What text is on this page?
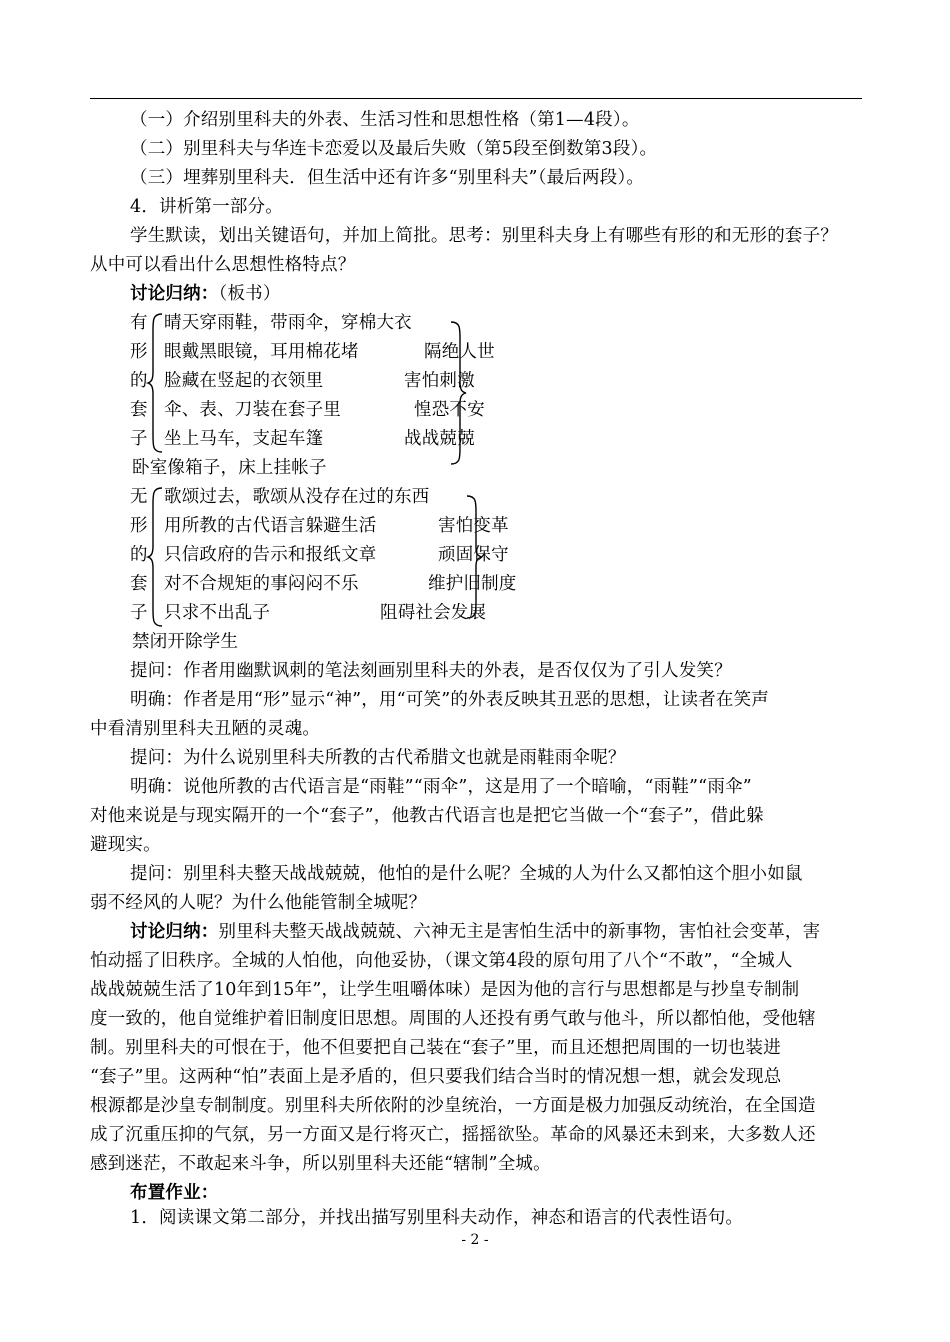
（一）介绍别里科夫的外表、生活习性和思想性格（第1—4段）。
（二）别里科夫与华连卡恋爱以及最后失败（第5段至倒数第3段）。
（三）埋葬别里科夫．但生活中还有许多“别里科夫”（最后两段）。
4．讲析第一部分。
学生默读，划出关键语句，并加上简批。思考：别里科夫身上有哪些有形的和无形的套子？
从中可以看出什么思想性格特点？
讨论归纳：（板书）
有
形
的
套
子
晴天穿雨鞋，带雨伞，穿棉大衣
眼戴黑眼镜，耳用棉花堵
脸藏在竖起的衣领里
伞、表、刀装在套子里
坐上马车，支起车篷
卧室像箱子，床上挂帐子
隔绝人世
害怕刺激
惶恐不安
战战兢兢
无
形
的
套
子
歌颂过去，歌颂从没存在过的东西
用所教的古代语言躲避生活
只信政府的告示和报纸文章
对不合规矩的事闷闷不乐
只求不出乱子
禁闭开除学生
害怕变革
顽固保守
维护旧制度
阻碍社会发展
提问：作者用幽默讽刺的笔法刻画别里科夫的外表，是否仅仅为了引人发笑？
明确：作者是用“形”显示“神”，用“可笑”的外表反映其丑恶的思想，让读者在笑声
中看清别里科夫丑陋的灵魂。
提问：为什么说别里科夫所教的古代希腊文也就是雨鞋雨伞呢？
明确：说他所教的古代语言是“雨鞋”“雨伞”，这是用了一个暗喻，“雨鞋”“雨伞”
对他来说是与现实隔开的一个“套子”，他教古代语言也是把它当做一个“套子”，借此躲
避现实。
提问：别里科夫整天战战兢兢，他怕的是什么呢？全城的人为什么又都怕这个胆小如鼠
弱不经风的人呢？为什么他能管制全城呢？
讨论归纳：别里科夫整天战战兢兢、六神无主是害怕生活中的新事物，害怕社会变革，害
怕动摇了旧秩序。全城的人怕他，向他妥协，（课文第4段的原句用了八个“不敢”，“全城人
战战兢兢生活了10年到15年”，让学生咀嚼体味）是因为他的言行与思想都是与抄皇专制制
度一致的，他自觉维护着旧制度旧思想。周围的人还投有勇气敢与他斗，所以都怕他，受他辖
制。别里科夫的可恨在于，他不但要把自己装在“套子”里，而且还想把周围的一切也装进
“套子”里。这两种“怕”表面上是矛盾的，但只要我们结合当时的情况想一想，就会发现总
根源都是沙皇专制制度。别里科夫所依附的沙皇统治，一方面是极力加强反动统治，在全国造
成了沉重压抑的气氛，另一方面又是行将灭亡，摇摇欲坠。革命的风暴还未到来，大多数人还
感到迷茫，不敢起来斗争，所以别里科夫还能“辖制”全城。
布置作业：
1．阅读课文第二部分，并找出描写别里科夫动作，神态和语言的代表性语句。
- 2 -
